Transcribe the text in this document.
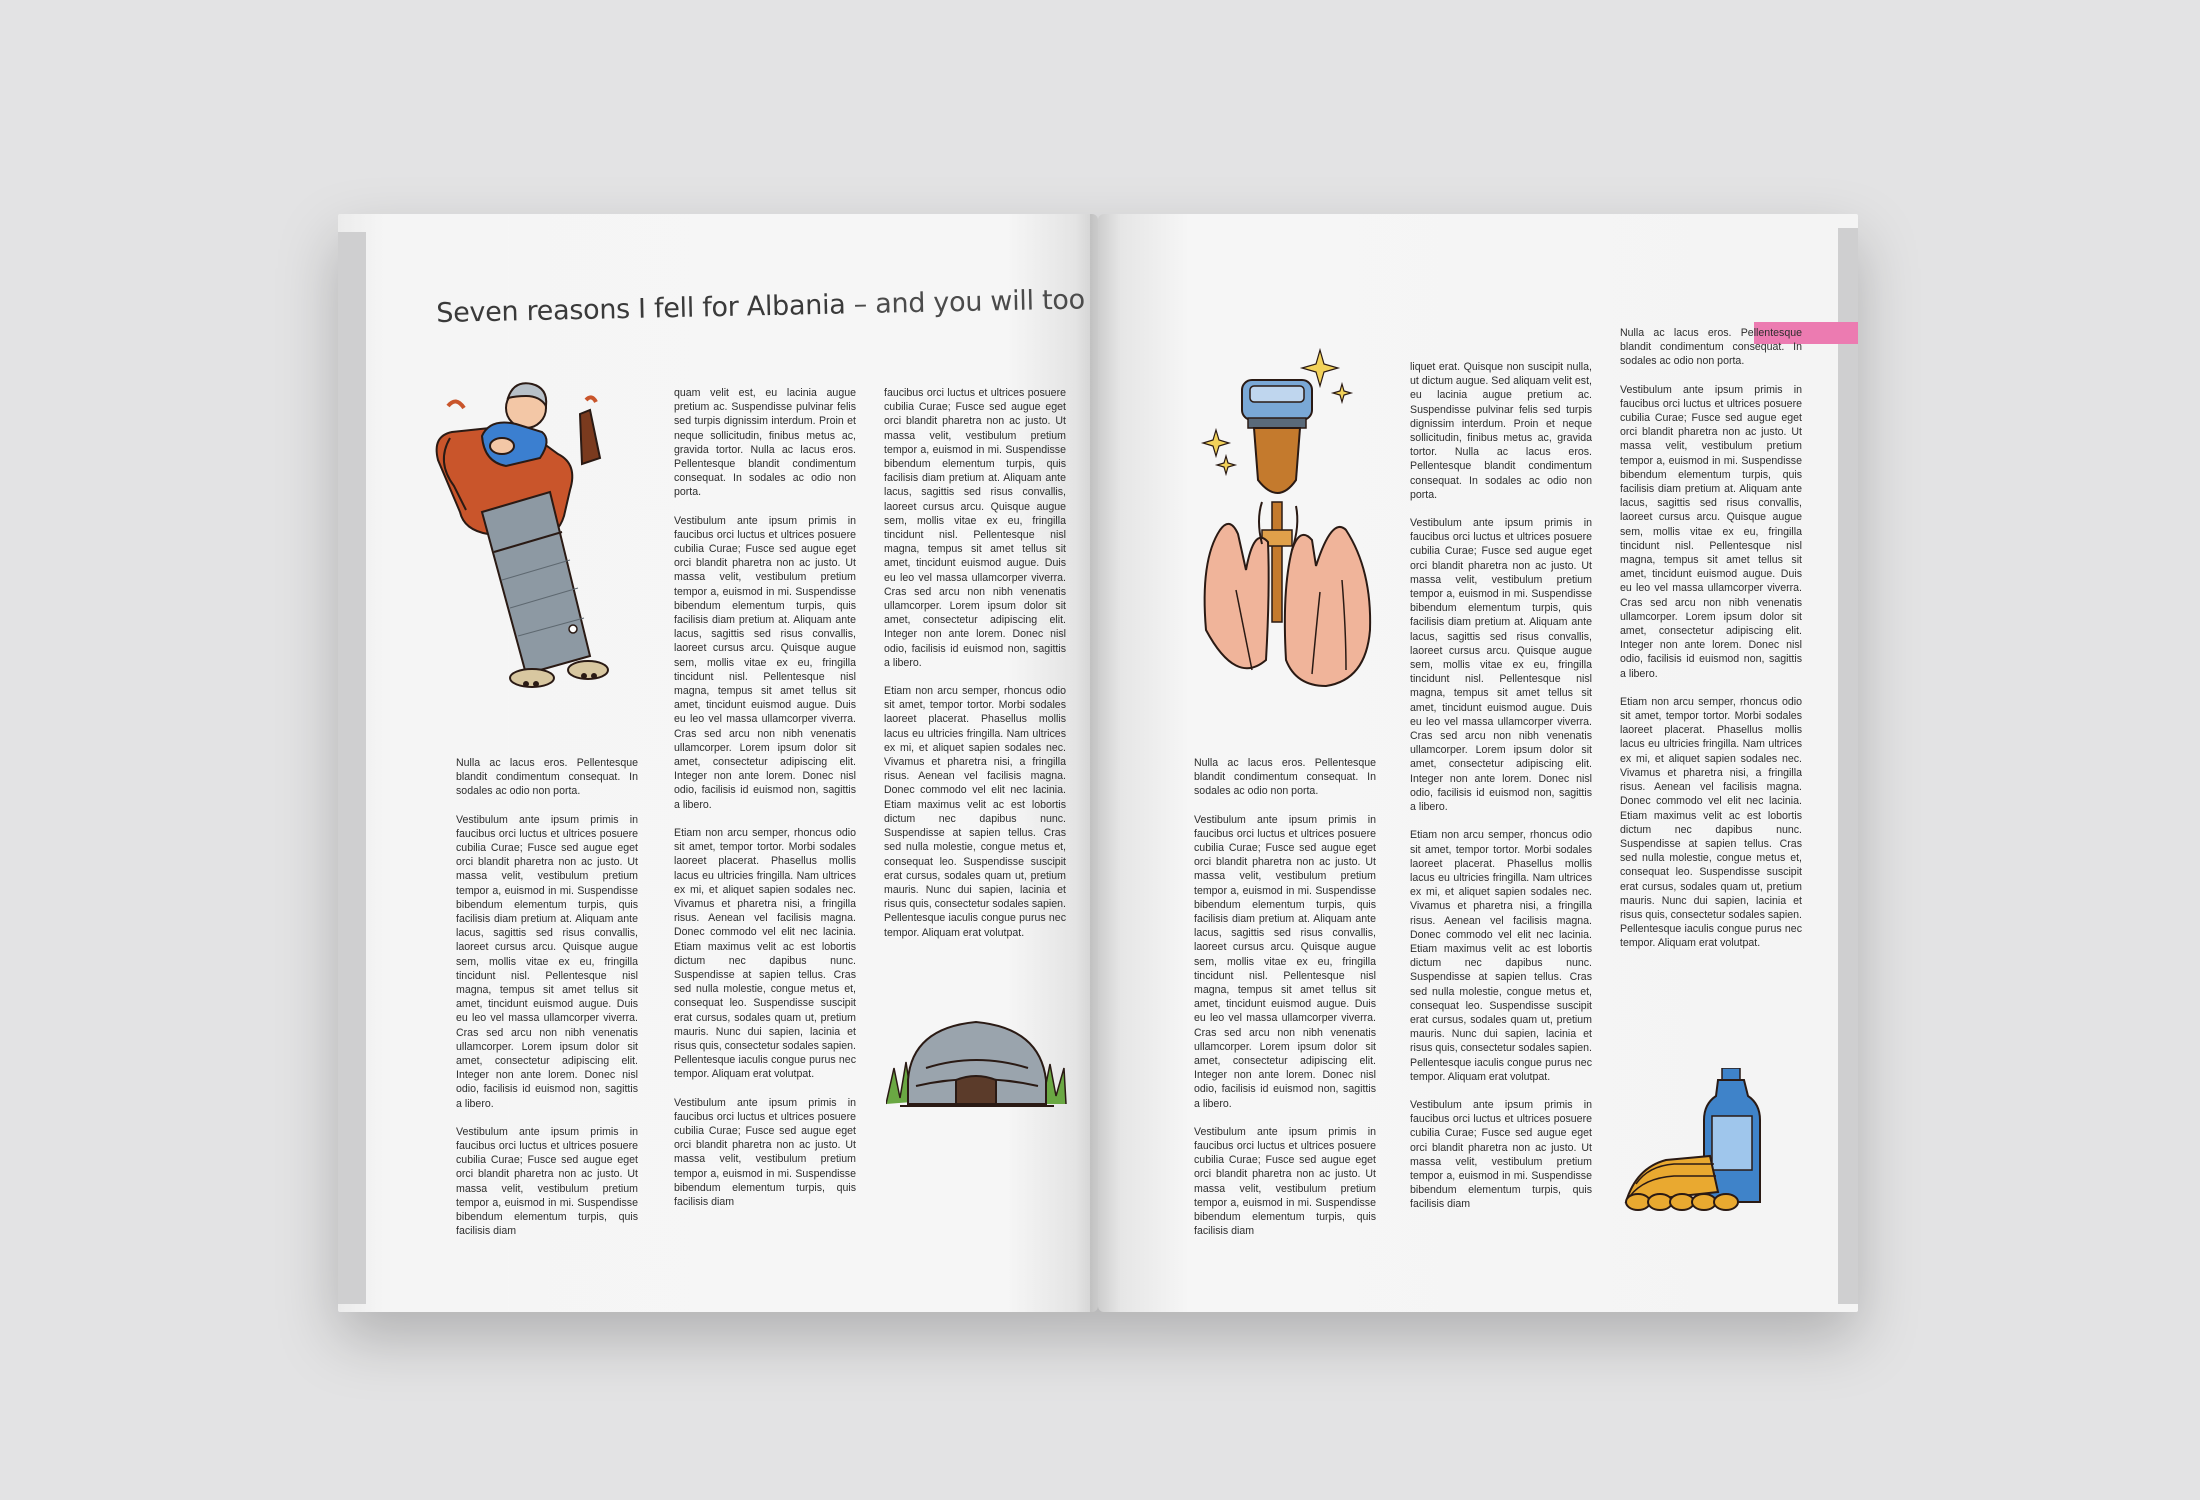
Seven reasons I fell for Albania – and you will too

Nulla ac lacus eros. Pellentesque blandit condimentum consequat. In sodales ac odio non porta.

Vestibulum ante ipsum primis in faucibus orci luctus et ultrices posuere cubilia Curae; Fusce sed augue eget orci blandit pharetra non ac justo. Ut massa velit, vestibulum pretium tempor a, euismod in mi. Suspendisse bibendum elementum turpis, quis facilisis diam pretium at. Aliquam ante lacus, sagittis sed risus convallis, laoreet cursus arcu. Quisque augue sem, mollis vitae ex eu, fringilla tincidunt nisl. Pellentesque nisl magna, tempus sit amet tellus sit amet, tincidunt euismod augue. Duis eu leo vel massa ullamcorper viverra. Cras sed arcu non nibh venenatis ullamcorper. Lorem ipsum dolor sit amet, consectetur adipiscing elit. Integer non ante lorem. Donec nisl odio, facilisis id euismod non, sagittis a libero.

Vestibulum ante ipsum primis in faucibus orci luctus et ultrices posuere cubilia Curae; Fusce sed augue eget orci blandit pharetra non ac justo. Ut massa velit, vestibulum pretium tempor a, euismod in mi. Suspendisse bibendum elementum turpis, quis facilisis diam

quam velit est, eu lacinia augue pretium ac. Suspendisse pulvinar felis sed turpis dignissim interdum. Proin et neque sollicitudin, finibus metus ac, gravida tortor. Nulla ac lacus eros. Pellentesque blandit condimentum consequat. In sodales ac odio non porta.

Vestibulum ante ipsum primis in faucibus orci luctus et ultrices posuere cubilia Curae; Fusce sed augue eget orci blandit pharetra non ac justo. Ut massa velit, vestibulum pretium tempor a, euismod in mi. Suspendisse bibendum elementum turpis, quis facilisis diam pretium at. Aliquam ante lacus, sagittis sed risus convallis, laoreet cursus arcu. Quisque augue sem, mollis vitae ex eu, fringilla tincidunt nisl. Pellentesque nisl magna, tempus sit amet tellus sit amet, tincidunt euismod augue. Duis eu leo vel massa ullamcorper viverra. Cras sed arcu non nibh venenatis ullamcorper. Lorem ipsum dolor sit amet, consectetur adipiscing elit. Integer non ante lorem. Donec nisl odio, facilisis id euismod non, sagittis a libero.

Etiam non arcu semper, rhoncus odio sit amet, tempor tortor. Morbi sodales laoreet placerat. Phasellus mollis lacus eu ultricies fringilla. Nam ultrices ex mi, et aliquet sapien sodales nec. Vivamus et pharetra nisi, a fringilla risus. Aenean vel facilisis magna. Donec commodo vel elit nec lacinia. Etiam maximus velit ac est lobortis dictum nec dapibus nunc. Suspendisse at sapien tellus. Cras sed nulla molestie, congue metus et, consequat leo. Suspendisse suscipit erat cursus, sodales quam ut, pretium mauris. Nunc dui sapien, lacinia et risus quis, consectetur sodales sapien. Pellentesque iaculis congue purus nec tempor. Aliquam erat volutpat.

Vestibulum ante ipsum primis in faucibus orci luctus et ultrices posuere cubilia Curae; Fusce sed augue eget orci blandit pharetra non ac justo. Ut massa velit, vestibulum pretium tempor a, euismod in mi. Suspendisse bibendum elementum turpis, quis facilisis diam

faucibus orci luctus et ultrices posuere cubilia Curae; Fusce sed augue eget orci blandit pharetra non ac justo. Ut massa velit, vestibulum pretium tempor a, euismod in mi. Suspendisse bibendum elementum turpis, quis facilisis diam pretium at. Aliquam ante lacus, sagittis sed risus convallis, laoreet cursus arcu. Quisque augue sem, mollis vitae ex eu, fringilla tincidunt nisl. Pellentesque nisl magna, tempus sit amet tellus sit amet, tincidunt euismod augue. Duis eu leo vel massa ullamcorper viverra. Cras sed arcu non nibh venenatis ullamcorper. Lorem ipsum dolor sit amet, consectetur adipiscing elit. Integer non ante lorem. Donec nisl odio, facilisis id euismod non, sagittis a libero.

Etiam non arcu semper, rhoncus odio sit amet, tempor tortor. Morbi sodales laoreet placerat. Phasellus mollis lacus eu ultricies fringilla. Nam ultrices ex mi, et aliquet sapien sodales nec. Vivamus et pharetra nisi, a fringilla risus. Aenean vel facilisis magna. Donec commodo vel elit nec lacinia. Etiam maximus velit ac est lobortis dictum nec dapibus nunc. Suspendisse at sapien tellus. Cras sed nulla molestie, congue metus et, consequat leo. Suspendisse suscipit erat cursus, sodales quam ut, pretium mauris. Nunc dui sapien, lacinia et risus quis, consectetur sodales sapien. Pellentesque iaculis congue purus nec tempor. Aliquam erat volutpat.

Nulla ac lacus eros. Pellentesque blandit condimentum consequat. In sodales ac odio non porta.

Vestibulum ante ipsum primis in faucibus orci luctus et ultrices posuere cubilia Curae; Fusce sed augue eget orci blandit pharetra non ac justo. Ut massa velit, vestibulum pretium tempor a, euismod in mi. Suspendisse bibendum elementum turpis, quis facilisis diam pretium at. Aliquam ante lacus, sagittis sed risus convallis, laoreet cursus arcu. Quisque augue sem, mollis vitae ex eu, fringilla tincidunt nisl. Pellentesque nisl magna, tempus sit amet tellus sit amet, tincidunt euismod augue. Duis eu leo vel massa ullamcorper viverra. Cras sed arcu non nibh venenatis ullamcorper. Lorem ipsum dolor sit amet, consectetur adipiscing elit. Integer non ante lorem. Donec nisl odio, facilisis id euismod non, sagittis a libero.

Vestibulum ante ipsum primis in faucibus orci luctus et ultrices posuere cubilia Curae; Fusce sed augue eget orci blandit pharetra non ac justo. Ut massa velit, vestibulum pretium tempor a, euismod in mi. Suspendisse bibendum elementum turpis, quis facilisis diam

liquet erat. Quisque non suscipit nulla, ut dictum augue. Sed aliquam velit est, eu lacinia augue pretium ac. Suspendisse pulvinar felis sed turpis dignissim interdum. Proin et neque sollicitudin, finibus metus ac, gravida tortor. Nulla ac lacus eros. Pellentesque blandit condimentum consequat. In sodales ac odio non porta.

Vestibulum ante ipsum primis in faucibus orci luctus et ultrices posuere cubilia Curae; Fusce sed augue eget orci blandit pharetra non ac justo. Ut massa velit, vestibulum pretium tempor a, euismod in mi. Suspendisse bibendum elementum turpis, quis facilisis diam pretium at. Aliquam ante lacus, sagittis sed risus convallis, laoreet cursus arcu. Quisque augue sem, mollis vitae ex eu, fringilla tincidunt nisl. Pellentesque nisl magna, tempus sit amet tellus sit amet, tincidunt euismod augue. Duis eu leo vel massa ullamcorper viverra. Cras sed arcu non nibh venenatis ullamcorper. Lorem ipsum dolor sit amet, consectetur adipiscing elit. Integer non ante lorem. Donec nisl odio, facilisis id euismod non, sagittis a libero.

Etiam non arcu semper, rhoncus odio sit amet, tempor tortor. Morbi sodales laoreet placerat. Phasellus mollis lacus eu ultricies fringilla. Nam ultrices ex mi, et aliquet sapien sodales nec. Vivamus et pharetra nisi, a fringilla risus. Aenean vel facilisis magna. Donec commodo vel elit nec lacinia. Etiam maximus velit ac est lobortis dictum nec dapibus nunc. Suspendisse at sapien tellus. Cras sed nulla molestie, congue metus et, consequat leo. Suspendisse suscipit erat cursus, sodales quam ut, pretium mauris. Nunc dui sapien, lacinia et risus quis, consectetur sodales sapien. Pellentesque iaculis congue purus nec tempor. Aliquam erat volutpat.

Vestibulum ante ipsum primis in faucibus orci luctus et ultrices posuere cubilia Curae; Fusce sed augue eget orci blandit pharetra non ac justo. Ut massa velit, vestibulum pretium tempor a, euismod in mi. Suspendisse bibendum elementum turpis, quis facilisis diam

Nulla ac lacus eros. Pellentesque blandit condimentum consequat. In sodales ac odio non porta.

Vestibulum ante ipsum primis in faucibus orci luctus et ultrices posuere cubilia Curae; Fusce sed augue eget orci blandit pharetra non ac justo. Ut massa velit, vestibulum pretium tempor a, euismod in mi. Suspendisse bibendum elementum turpis, quis facilisis diam pretium at. Aliquam ante lacus, sagittis sed risus convallis, laoreet cursus arcu. Quisque augue sem, mollis vitae ex eu, fringilla tincidunt nisl. Pellentesque nisl magna, tempus sit amet tellus sit amet, tincidunt euismod augue. Duis eu leo vel massa ullamcorper viverra. Cras sed arcu non nibh venenatis ullamcorper. Lorem ipsum dolor sit amet, consectetur adipiscing elit. Integer non ante lorem. Donec nisl odio, facilisis id euismod non, sagittis a libero.

Etiam non arcu semper, rhoncus odio sit amet, tempor tortor. Morbi sodales laoreet placerat. Phasellus mollis lacus eu ultricies fringilla. Nam ultrices ex mi, et aliquet sapien sodales nec. Vivamus et pharetra nisi, a fringilla risus. Aenean vel facilisis magna. Donec commodo vel elit nec lacinia. Etiam maximus velit ac est lobortis dictum nec dapibus nunc. Suspendisse at sapien tellus. Cras sed nulla molestie, congue metus et, consequat leo. Suspendisse suscipit erat cursus, sodales quam ut, pretium mauris. Nunc dui sapien, lacinia et risus quis, consectetur sodales sapien. Pellentesque iaculis congue purus nec tempor. Aliquam erat volutpat.
